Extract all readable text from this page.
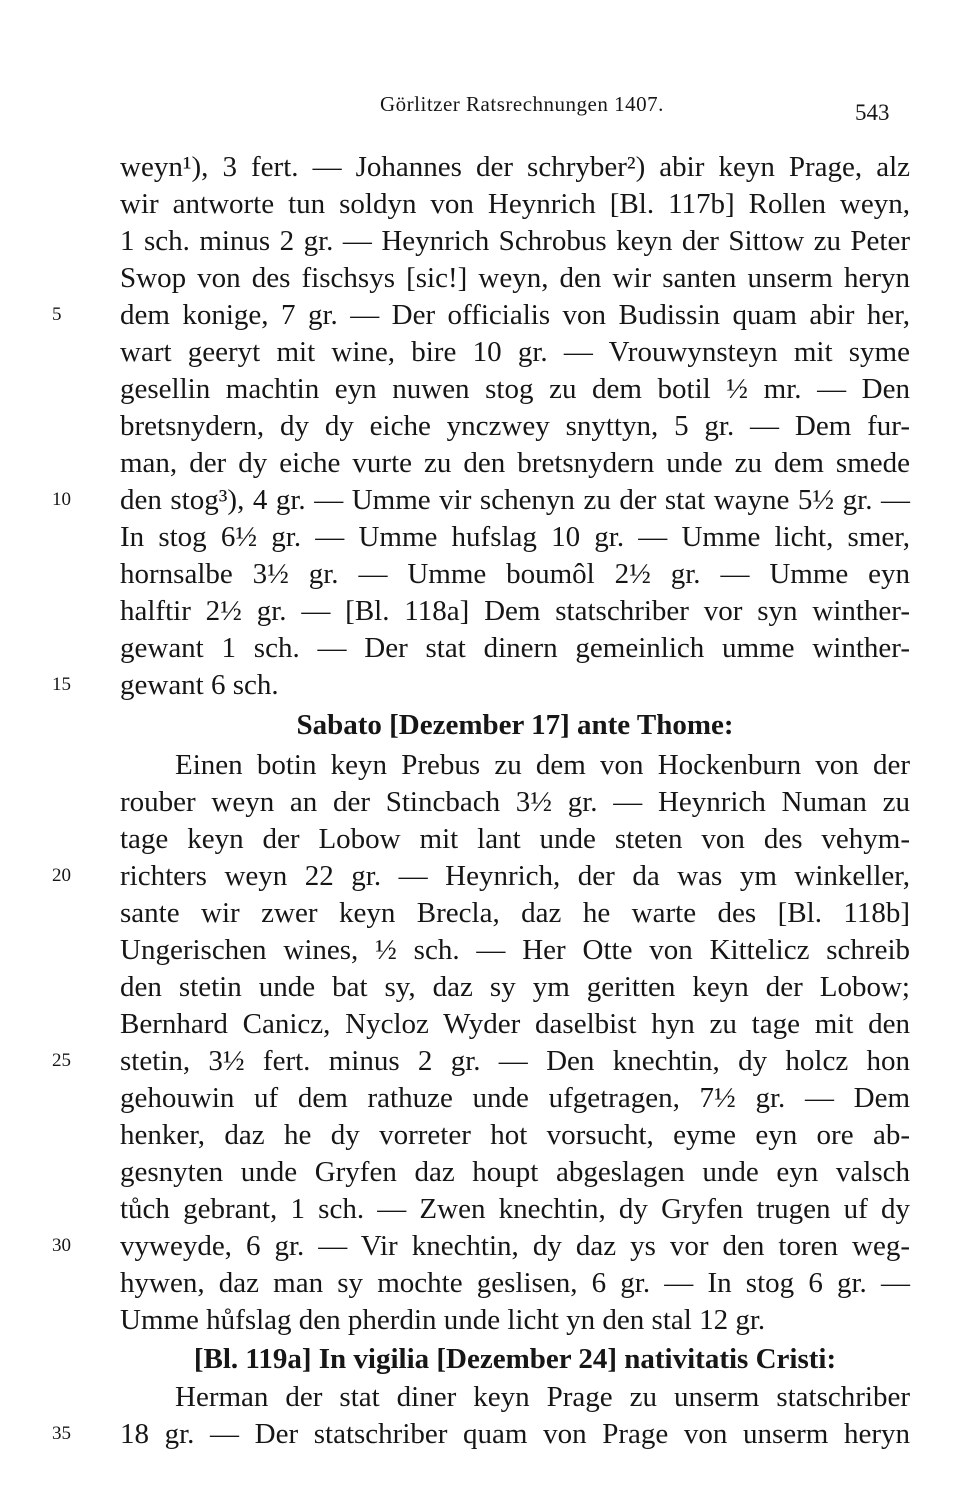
Görlitzer Ratsrechnungen 1407.	543
weyn¹), 3 fert. — Johannes der schryber²) abir keyn Prage, alz
wir antworte tun soldyn von Heynrich [Bl. 117b] Rollen weyn,
1 sch. minus 2 gr. — Heynrich Schrobus keyn der Sittow zu Peter
Swop von des fischsys [sic!] weyn, den wir santen unserm heryn
dem konige, 7 gr. — Der officialis von Budissin quam abir her,
wart geeryt mit wine, bire 10 gr. — Vrouwynsteyn mit syme
gesellin machtin eyn nuwen stog zu dem botil ½ mr. — Den
bretsnydern, dy dy eiche ynczwey snyttyn, 5 gr. — Dem fur-
man, der dy eiche vurte zu den bretsnydern unde zu dem smede
den stog³), 4 gr. — Umme vir schenyn zu der stat wayne 5½ gr. —
In stog 6½ gr. — Umme hufslag 10 gr. — Umme licht, smer,
hornsalbe 3½ gr. — Umme boumôl 2½ gr. — Umme eyn
halftir 2½ gr. — [Bl. 118a] Dem statschriber vor syn winther-
gewant 1 sch. — Der stat dinern gemeinlich umme winther-
gewant 6 sch.
Sabato [Dezember 17] ante Thome:
Einen botin keyn Prebus zu dem von Hockenburn von der
rouber weyn an der Stincbach 3½ gr. — Heynrich Numan zu
tage keyn der Lobow mit lant unde steten von des vehym-
richters weyn 22 gr. — Heynrich, der da was ym winkeller,
sante wir zwer keyn Brecla, daz he warte des [Bl. 118b]
Ungerischen wines, ½ sch. — Her Otte von Kittelicz schreib
den stetin unde bat sy, daz sy ym geritten keyn der Lobow;
Bernhard Canicz, Nycloz Wyder daselbist hyn zu tage mit den
stetin, 3½ fert. minus 2 gr. — Den knechtin, dy holcz hon
gehouwin uf dem rathuze unde ufgetragen, 7½ gr. — Dem
henker, daz he dy vorreter hot vorsucht, eyme eyn ore ab-
gesnyten unde Gryfen daz houpt abgeslagen unde eyn valsch
tůch gebrant, 1 sch. — Zwen knechtin, dy Gryfen trugen uf dy
vyweyde, 6 gr. — Vir knechtin, dy daz ys vor den toren weg-
hywen, daz man sy mochte geslisen, 6 gr. — In stog 6 gr. —
Umme hůfslag den pherdin unde licht yn den stal 12 gr.
[Bl. 119a] In vigilia [Dezember 24] nativitatis Cristi:
Herman der stat diner keyn Prage zu unserm statschriber
18 gr. — Der statschriber quam von Prage von unserm heryn
5
10
15
20
25
30
35
